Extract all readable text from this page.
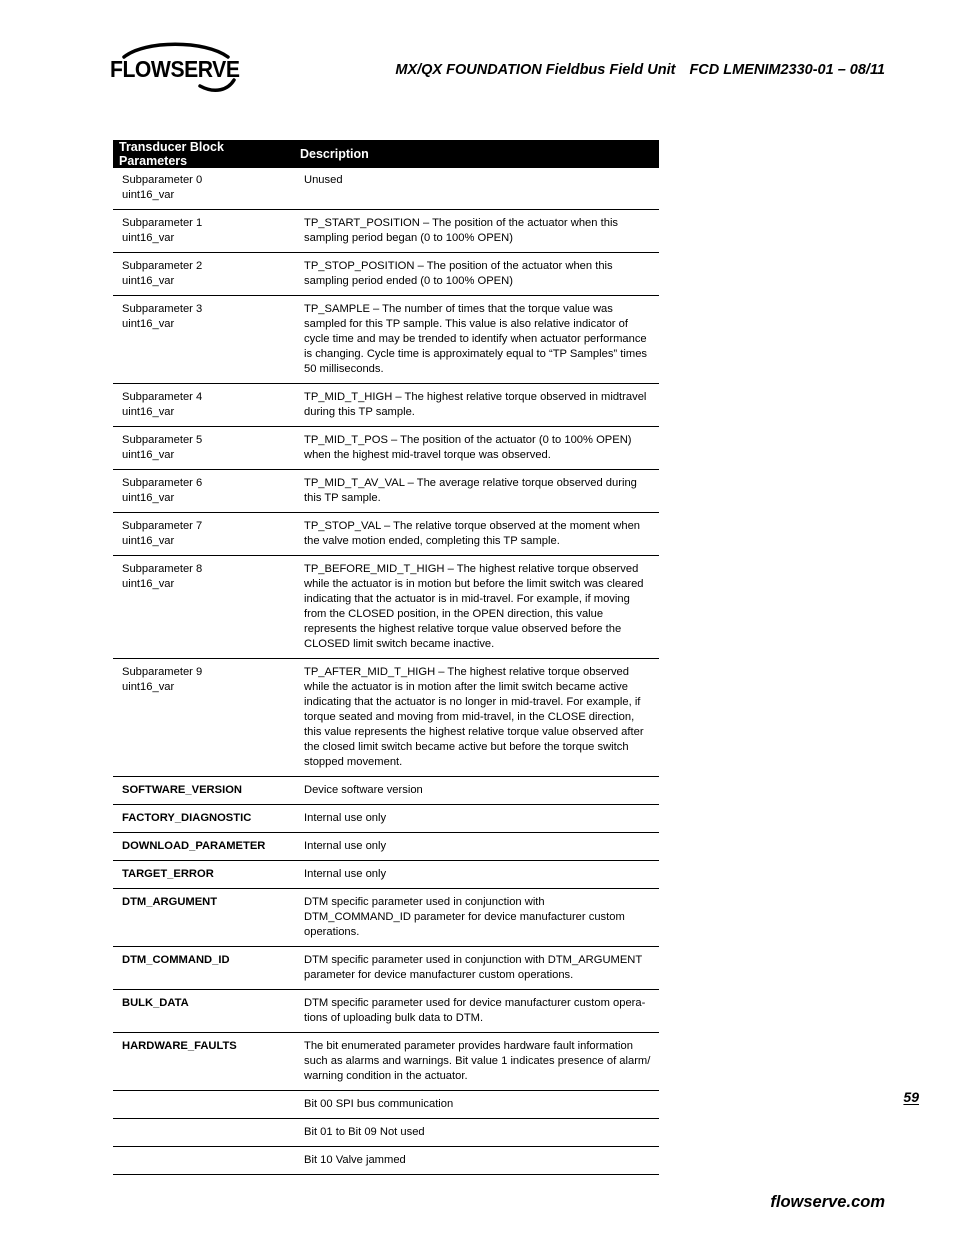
FLOWSERVE	MX/QX FOUNDATION Fieldbus Field Unit FCD LMENIM2330-01 – 08/11
Transducer Block Parameters	Description

Subparameter 0
uint16_var	Unused

Subparameter 1
uint16_var	TP_START_POSITION – The position of the actuator when this sampling period began (0 to 100% OPEN)

Subparameter 2
uint16_var	TP_STOP_POSITION – The position of the actuator when this sampling period ended (0 to 100% OPEN)

Subparameter 3
uint16_var	TP_SAMPLE – The number of times that the torque value was sampled for this TP sample. This value is also relative indicator of cycle time and may be trended to identify when actuator performance is changing. Cycle time is approximately equal to “TP Samples” times 50 milliseconds.

Subparameter 4
uint16_var	TP_MID_T_HIGH – The highest relative torque observed in midtravel during this TP sample.

Subparameter 5
uint16_var	TP_MID_T_POS – The position of the actuator (0 to 100% OPEN) when the highest mid-travel torque was observed.

Subparameter 6
uint16_var	TP_MID_T_AV_VAL – The average relative torque observed during this TP sample.

Subparameter 7
uint16_var	TP_STOP_VAL – The relative torque observed at the moment when the valve motion ended, completing this TP sample.

Subparameter 8
uint16_var	TP_BEFORE_MID_T_HIGH – The highest relative torque observed while the actuator is in motion but before the limit switch was cleared indicating that the actuator is in mid-travel. For example, if moving from the CLOSED position, in the OPEN direction, this value represents the highest relative torque value observed before the CLOSED limit switch became inactive.

Subparameter 9
uint16_var	TP_AFTER_MID_T_HIGH – The highest relative torque observed while the actuator is in motion after the limit switch became active indicating that the actuator is no longer in mid-travel. For example, if torque seated and moving from mid-travel, in the CLOSE direction, this value represents the highest relative torque value observed after the closed limit switch became active but before the torque switch stopped movement.

SOFTWARE_VERSION	Device software version

FACTORY_DIAGNOSTIC	Internal use only

DOWNLOAD_PARAMETER	Internal use only

TARGET_ERROR	Internal use only

DTM_ARGUMENT	DTM specific parameter used in conjunction with DTM_COMMAND_ID parameter for device manufacturer custom operations.

DTM_COMMAND_ID	DTM specific parameter used in conjunction with DTM_ARGUMENT parameter for device manufacturer custom operations.

BULK_DATA	DTM specific parameter used for device manufacturer custom opera- tions of uploading bulk data to DTM.

HARDWARE_FAULTS	The bit enumerated parameter provides hardware fault information such as alarms and warnings. Bit value 1 indicates presence of alarm/ warning condition in the actuator.

	Bit 00 SPI bus communication

	Bit 01 to Bit 09 Not used

	Bit 10 Valve jammed
59
flowserve.com
